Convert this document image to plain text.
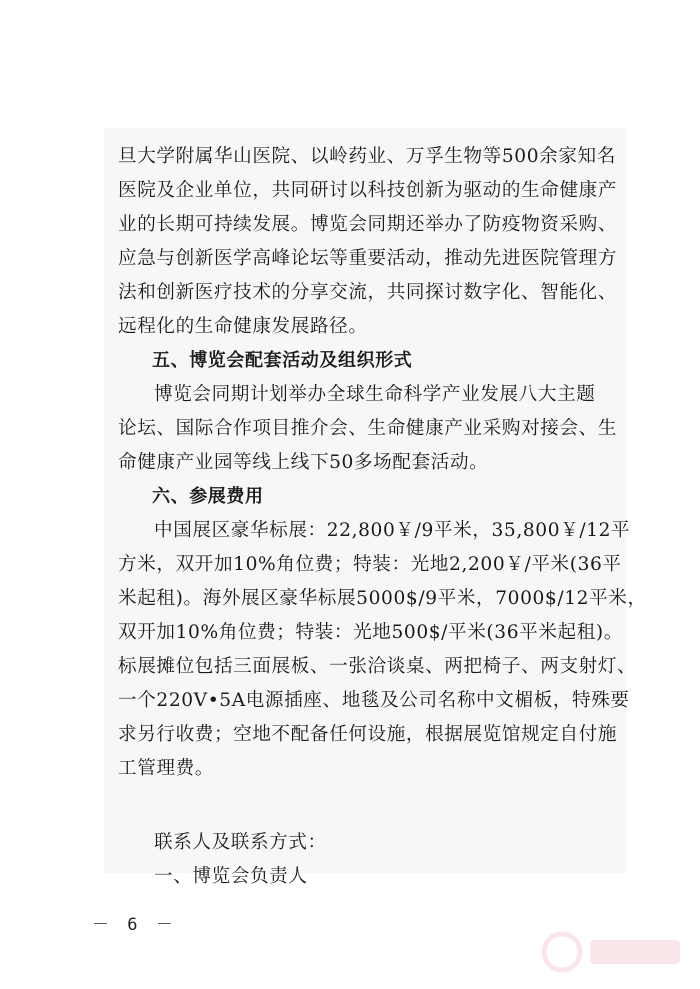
旦大学附属华山医院、以岭药业、万孚生物等500余家知名
医院及企业单位，共同研讨以科技创新为驱动的生命健康产
业的长期可持续发展。博览会同期还举办了防疫物资采购、
应急与创新医学高峰论坛等重要活动，推动先进医院管理方
法和创新医疗技术的分享交流，共同探讨数字化、智能化、
远程化的生命健康发展路径。
五、博览会配套活动及组织形式
博览会同期计划举办全球生命科学产业发展八大主题
论坛、国际合作项目推介会、生命健康产业采购对接会、生
命健康产业园等线上线下50多场配套活动。
六、参展费用
中国展区豪华标展：22,800￥/9平米，35,800￥/12平
方米，双开加10%角位费；特装：光地2,200￥/平米(36平
米起租)。海外展区豪华标展5000$/9平米，7000$/12平米，
双开加10%角位费；特装：光地500$/平米(36平米起租)。
标展摊位包括三面展板、一张洽谈桌、两把椅子、两支射灯、
一个220V•5A电源插座、地毯及公司名称中文楣板，特殊要
求另行收费；空地不配备任何设施，根据展览馆规定自付施
工管理费。
联系人及联系方式：
一、博览会负责人
－ 6 －
